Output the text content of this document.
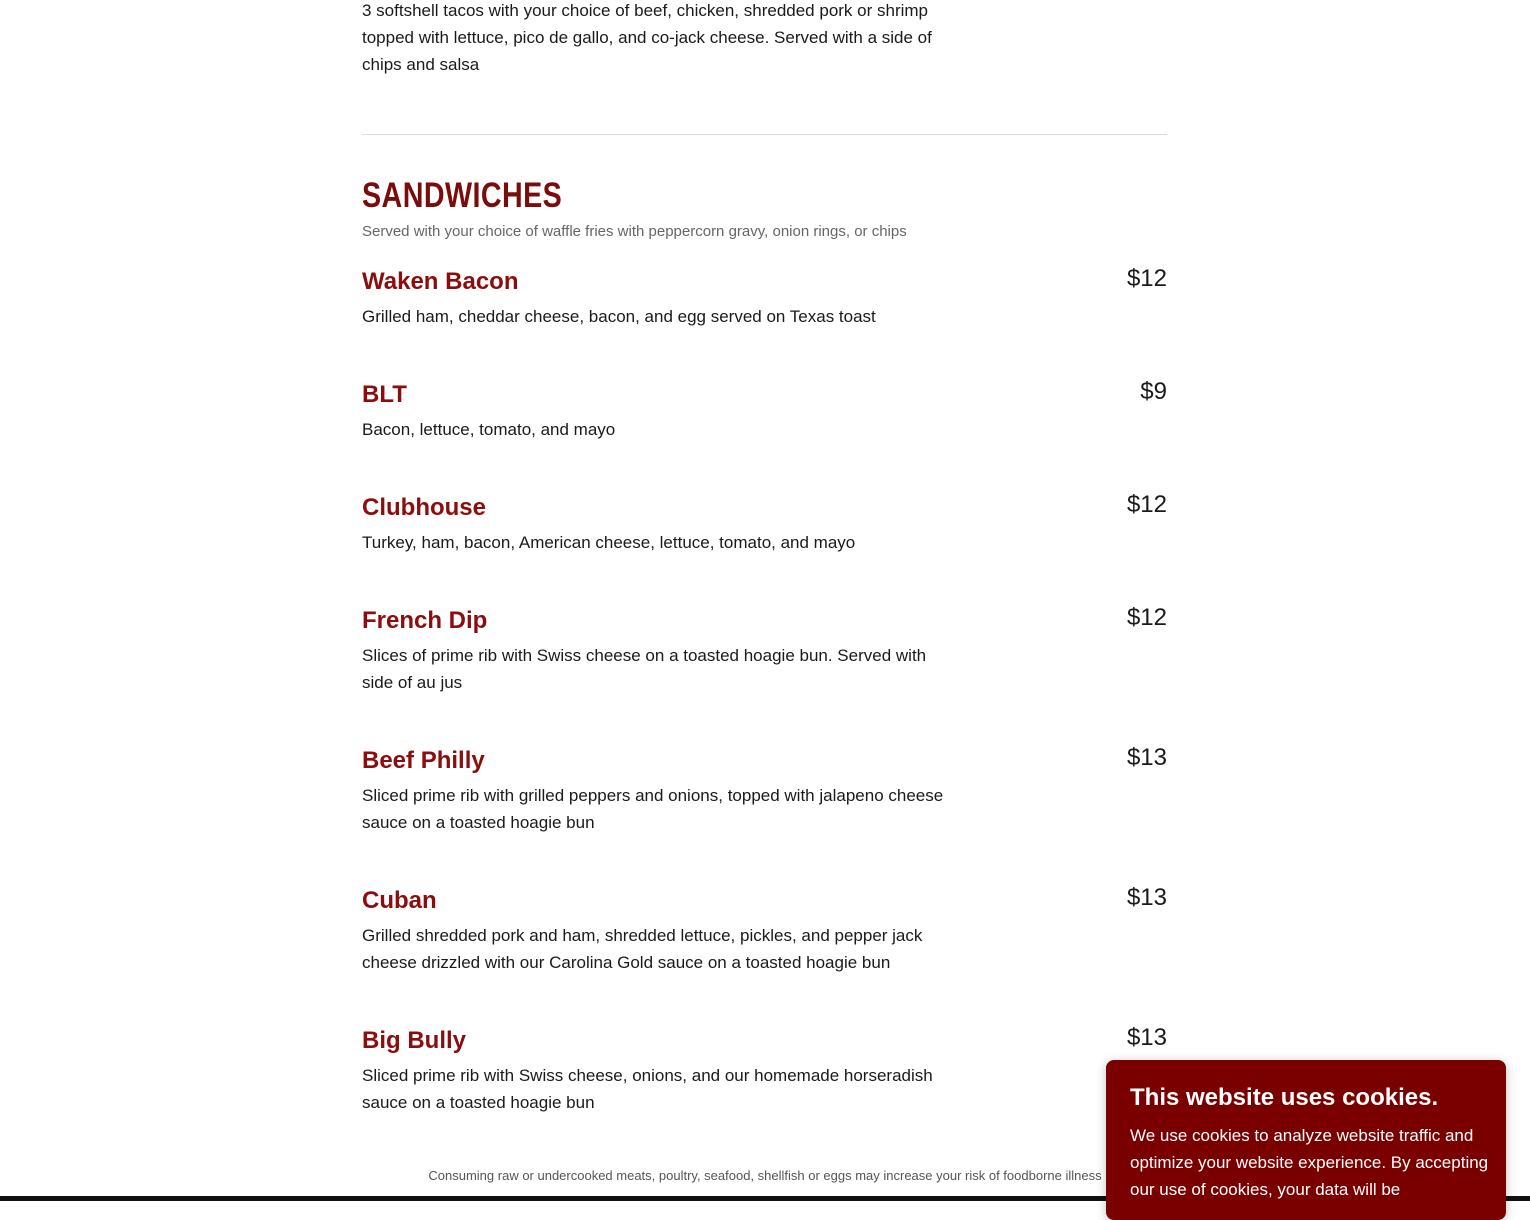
3 softshell tacos with your choice of beef, chicken, shredded pork or shrimp topped with lettuce, pico de gallo, and co-jack cheese. Served with a side of chips and salsa

SANDWICHES

Served with your choice of waffle fries with peppercorn gravy, onion rings, or chips

Waken Bacon	$12

Grilled ham, cheddar cheese, bacon, and egg served on Texas toast

BLT	$9

Bacon, lettuce, tomato, and mayo

Clubhouse	$12

Turkey, ham, bacon, American cheese, lettuce, tomato, and mayo

French Dip	$12

Slices of prime rib with Swiss cheese on a toasted hoagie bun. Served with side of au jus

Beef Philly	$13

Sliced prime rib with grilled peppers and onions, topped with jalapeno cheese sauce on a toasted hoagie bun

Cuban	$13

Grilled shredded pork and ham, shredded lettuce, pickles, and pepper jack cheese drizzled with our Carolina Gold sauce on a toasted hoagie bun

Big Bully	$13

Sliced prime rib with Swiss cheese, onions, and our homemade horseradish sauce on a toasted hoagie bun

Consuming raw or undercooked meats, poultry, seafood, shellfish or eggs may increase your risk of foodborne illness

This website uses cookies.

We use cookies to analyze website traffic and optimize your website experience. By accepting our use of cookies, your data will be
